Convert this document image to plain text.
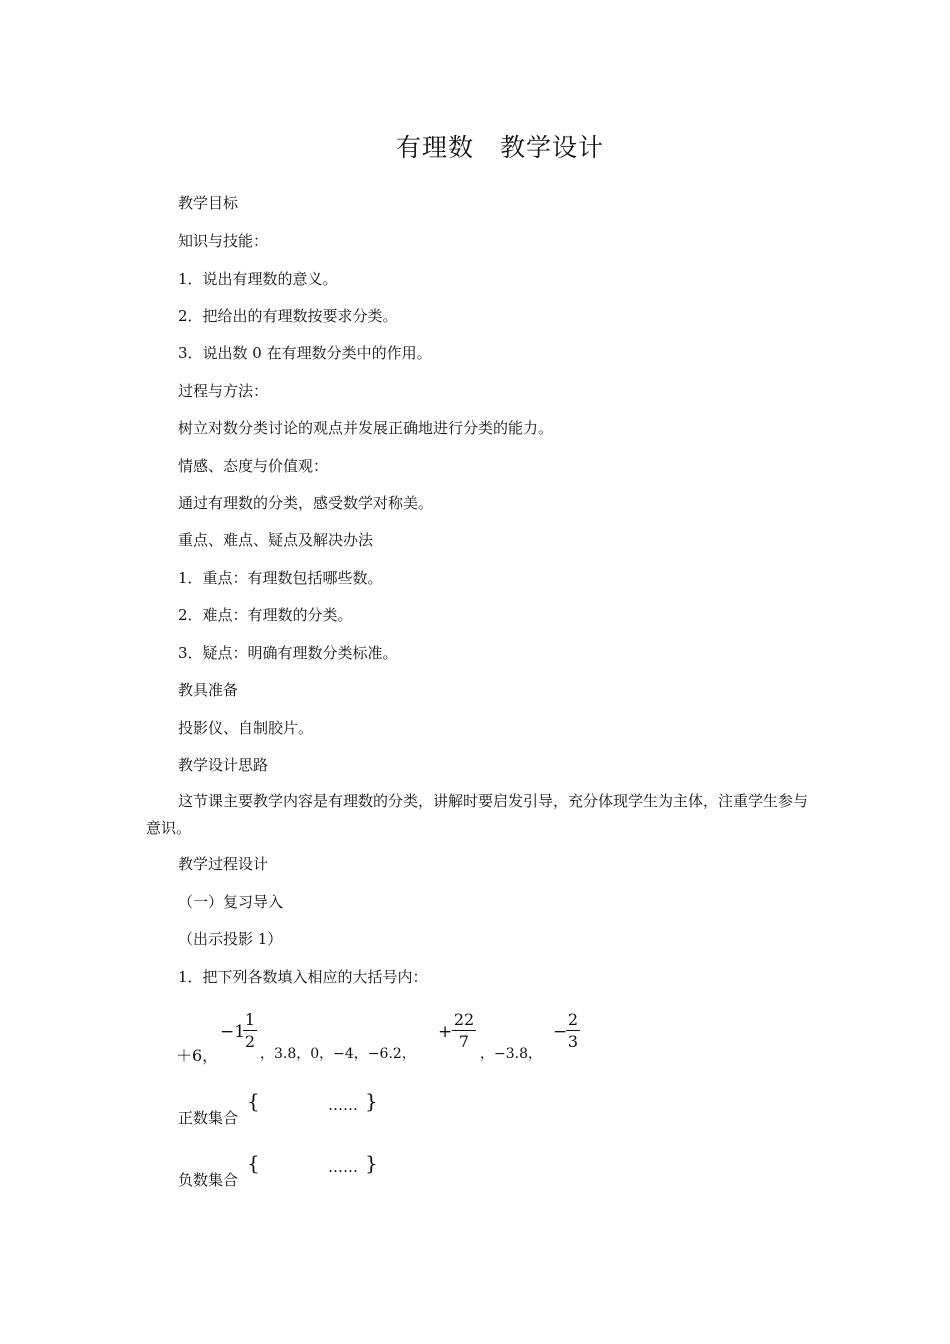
有理数　教学设计
教学目标
知识与技能：
1．说出有理数的意义。
2．把给出的有理数按要求分类。
3．说出数 0 在有理数分类中的作用。
过程与方法：
树立对数分类讨论的观点并发展正确地进行分类的能力。
情感、态度与价值观：
通过有理数的分类，感受数学对称美。
重点、难点、疑点及解决办法
1．重点：有理数包括哪些数。
2．难点：有理数的分类。
3．疑点：明确有理数分类标准。
教具准备
投影仪、自制胶片。
教学设计思路
这节课主要教学内容是有理数的分类，讲解时要启发引导，充分体现学生为主体，注重学生参与意识。
教学过程设计
（一）复习导入
（出示投影 1）
1．把下列各数填入相应的大括号内：
＋6，
−1
1
2
，3.8，0，−4，−6.2，
+
22
7
，−3.8，
−
2
3
正数集合
{	…… }
负数集合
{	…… }
